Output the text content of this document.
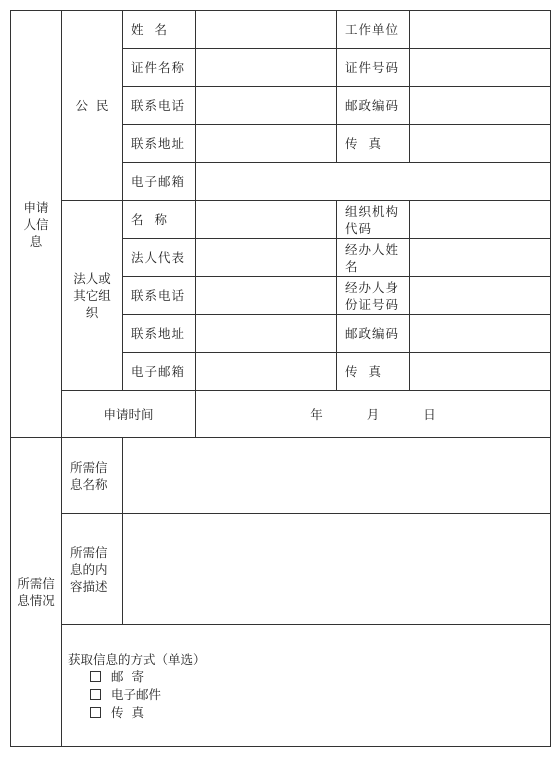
申请人信息	公  民	姓  名		工作单位	
		证件名称		证件号码	
		联系电话		邮政编码	
		联系地址		传  真	
		电子邮箱			

	法人或其它组织	名  称		组织机构代码	

		法人代表		经办人姓名	

		联系电话		经办人身份证号码	

		联系地址		邮政编码	
		电子邮箱		传  真	
	申请时间		年 月 日		

所需信息情况	所需信息名称				

	所需信息的内容描述				

	获取信息的方式（单选）
邮  寄
电子邮件
传  真				
